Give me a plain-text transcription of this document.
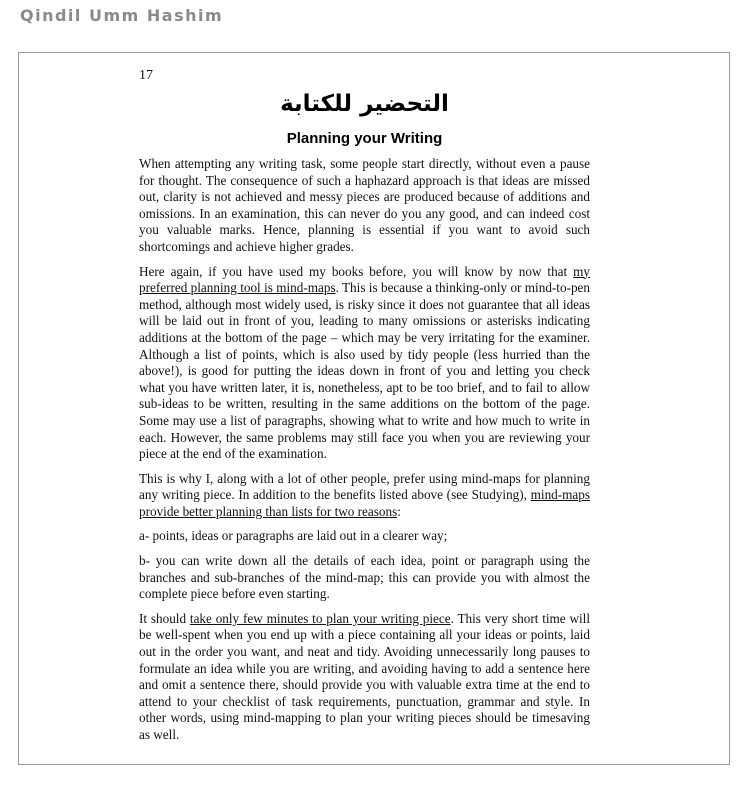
Qindil Umm Hashim
17
التحضير للكتابة
Planning your Writing

When attempting any writing task, some people start directly, without even a pause for thought. The consequence of such a haphazard approach is that ideas are missed out, clarity is not achieved and messy pieces are produced because of additions and omissions. In an examination, this can never do you any good, and can indeed cost you valuable marks. Hence, planning is essential if you want to avoid such shortcomings and achieve higher grades.

Here again, if you have used my books before, you will know by now that my preferred planning tool is mind-maps. This is because a thinking-only or mind-to-pen method, although most widely used, is risky since it does not guarantee that all ideas will be laid out in front of you, leading to many omissions or asterisks indicating additions at the bottom of the page – which may be very irritating for the examiner. Although a list of points, which is also used by tidy people (less hurried than the above!), is good for putting the ideas down in front of you and letting you check what you have written later, it is, nonetheless, apt to be too brief, and to fail to allow sub-ideas to be written, resulting in the same additions on the bottom of the page. Some may use a list of paragraphs, showing what to write and how much to write in each. However, the same problems may still face you when you are reviewing your piece at the end of the examination.

This is why I, along with a lot of other people, prefer using mind-maps for planning any writing piece. In addition to the benefits listed above (see Studying), mind-maps provide better planning than lists for two reasons:

a- points, ideas or paragraphs are laid out in a clearer way;

b- you can write down all the details of each idea, point or paragraph using the branches and sub-branches of the mind-map; this can provide you with almost the complete piece before even starting.

It should take only few minutes to plan your writing piece. This very short time will be well-spent when you end up with a piece containing all your ideas or points, laid out in the order you want, and neat and tidy. Avoiding unnecessarily long pauses to formulate an idea while you are writing, and avoiding having to add a sentence here and omit a sentence there, should provide you with valuable extra time at the end to attend to your checklist of task requirements, punctuation, grammar and style. In other words, using mind-mapping to plan your writing pieces should be timesaving as well.
